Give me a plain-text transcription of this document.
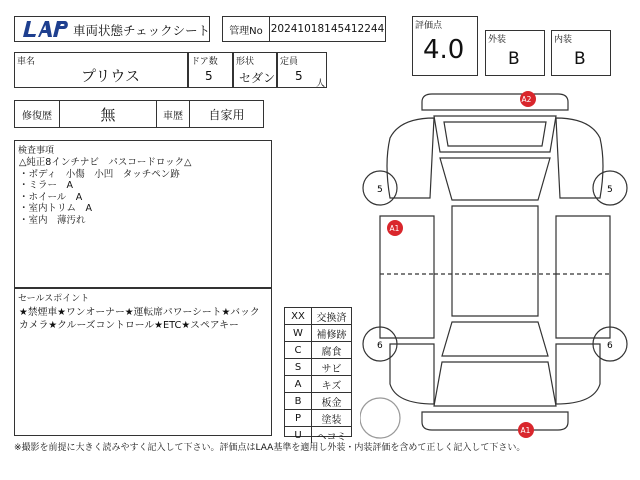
車両状態チェックシート	管理No 20241018145412244	評価点
4.0	外装
B
内装
B
車名
プリウス
ドア数
5
形状
セダン
定員
5
人
修復歴	無	車歴	自家用
検査事項
△純正8インチナビ　パスコードロック△
・ボディ　小傷　小凹　タッチペン跡
・ミラー　A
・ホイール　A
・室内トリム　A
・室内　薄汚れ
セールスポイント
★禁煙車★ワンオーナー★運転席パワーシート★バックカメラ★クルーズコントロール★ETC★スペアキー
XX	交換済
W	補修跡
C	腐食
S	サビ
A	キズ
B	板金
P	塗装
U	ヘコミ
5	5
6	6
A2
A1
A1
※撮影を前提に大きく読みやすく記入して下さい。評価点はLAA基準を適用し外装・内装評価を含めて正しく記入して下さい。
